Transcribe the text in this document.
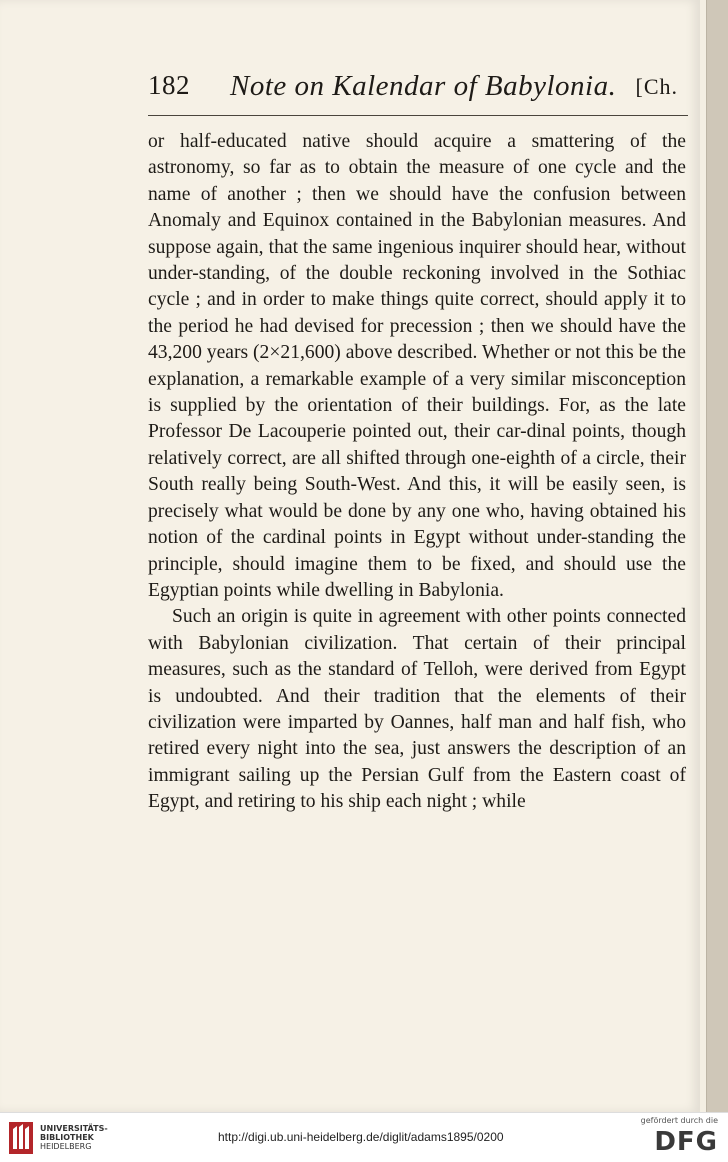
182 Note on Kalendar of Babylonia. [Ch.

or half-educated native should acquire a smattering of the astronomy, so far as to obtain the measure of one cycle and the name of another ; then we should have the confusion between Anomaly and Equinox contained in the Babylonian measures. And suppose again, that the same ingenious inquirer should hear, without under-standing, of the double reckoning involved in the Sothiac cycle ; and in order to make things quite correct, should apply it to the period he had devised for precession ; then we should have the 43,200 years (2×21,600) above described. Whether or not this be the explanation, a remarkable example of a very similar misconception is supplied by the orientation of their buildings. For, as the late Professor De Lacouperie pointed out, their car-dinal points, though relatively correct, are all shifted through one-eighth of a circle, their South really being South-West. And this, it will be easily seen, is precisely what would be done by any one who, having obtained his notion of the cardinal points in Egypt without under-standing the principle, should imagine them to be fixed, and should use the Egyptian points while dwelling in Babylonia.

Such an origin is quite in agreement with other points connected with Babylonian civilization. That certain of their principal measures, such as the standard of Telloh, were derived from Egypt is undoubted. And their tradition that the elements of their civilization were imparted by Oannes, half man and half fish, who retired every night into the sea, just answers the description of an immigrant sailing up the Persian Gulf from the Eastern coast of Egypt, and retiring to his ship each night ; while

UNIVERSITÄTS-
BIBLIOTHEK
HEIDELBERG
http://digi.ub.uni-heidelberg.de/diglit/adams1895/0200
gefördert durch die
DFG
